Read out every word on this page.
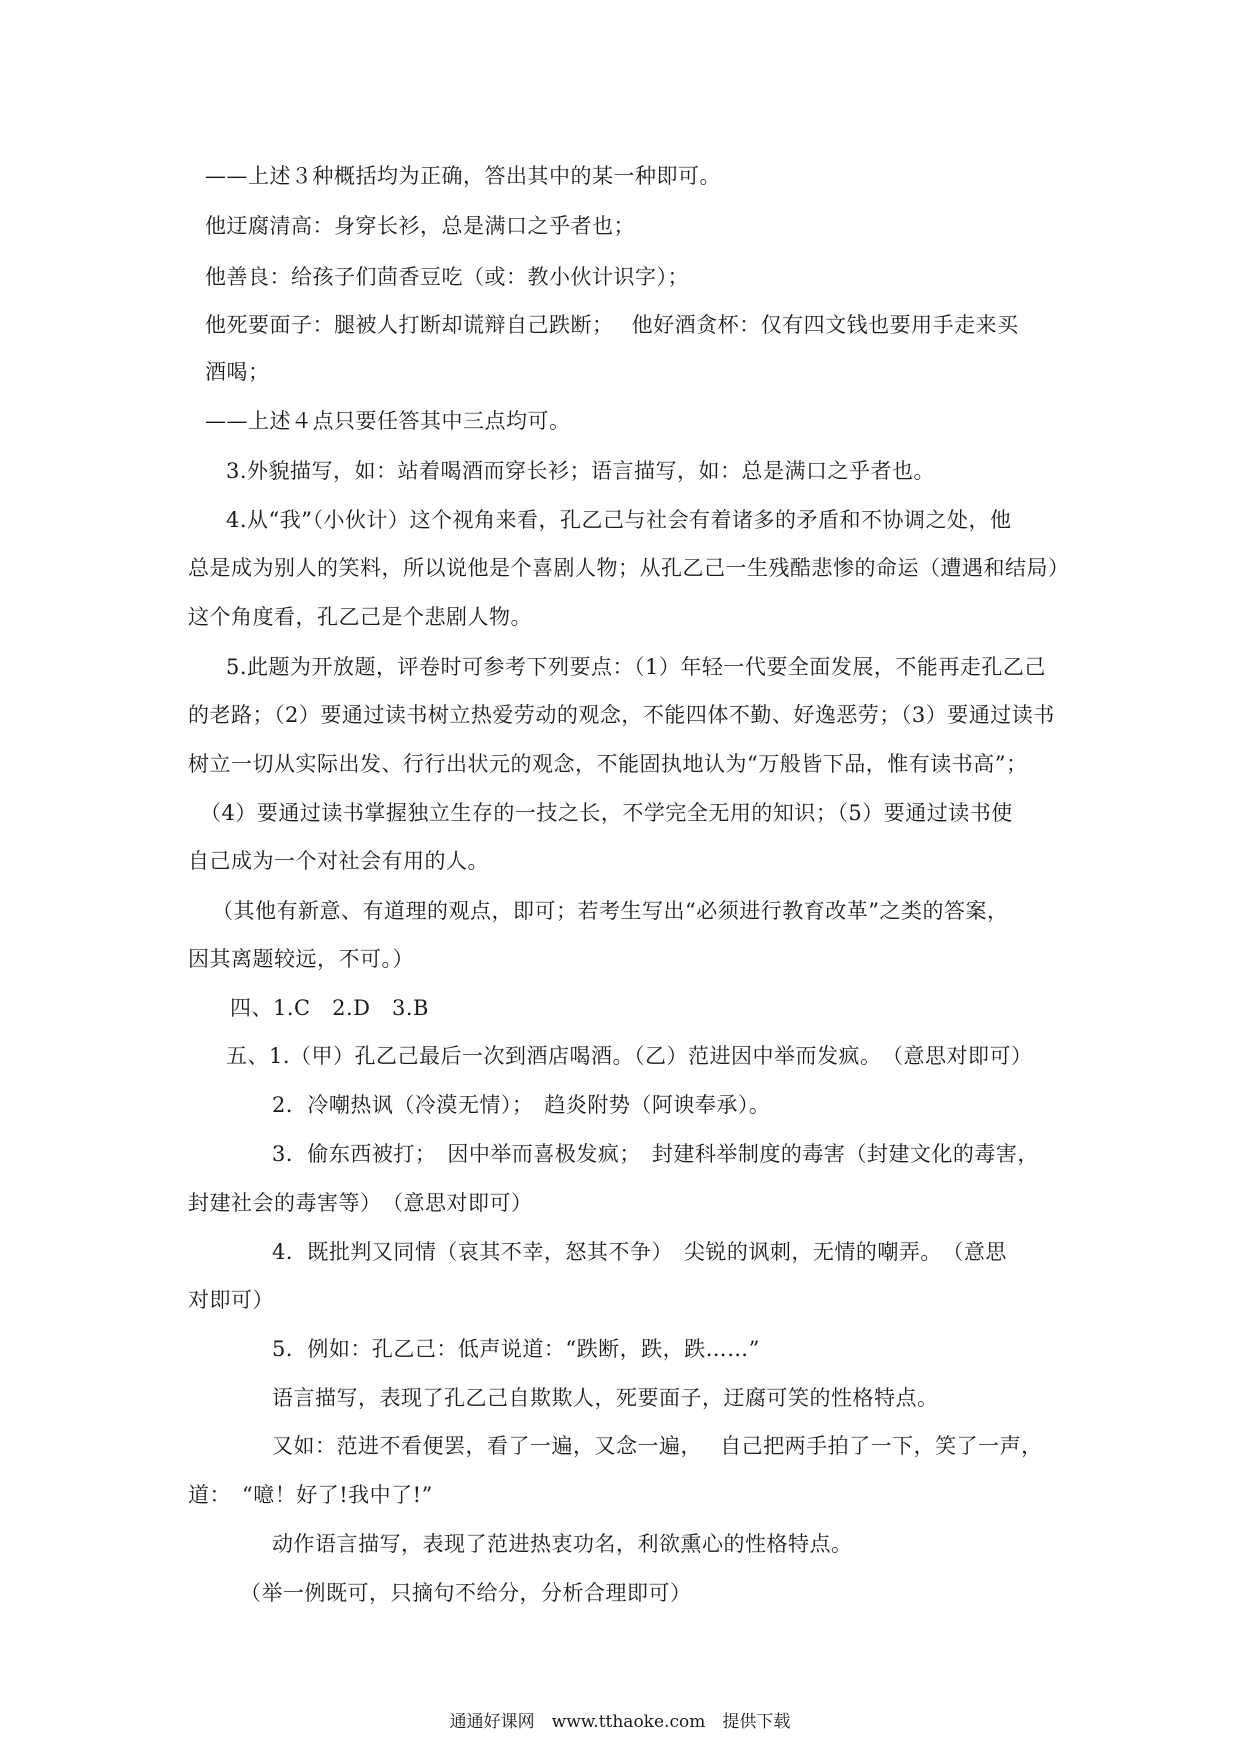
——上述３种概括均为正确，答出其中的某一种即可。
他迂腐清高：身穿长衫，总是满口之乎者也；
他善良：给孩子们茴香豆吃（或：教小伙计识字）；
他死要面子：腿被人打断却谎辩自己跌断；　 他好酒贪杯：仅有四文钱也要用手走来买
酒喝；
——上述４点只要任答其中三点均可。
3.外貌描写，如：站着喝酒而穿长衫；语言描写，如：总是满口之乎者也。
4.从“我”（小伙计）这个视角来看，孔乙己与社会有着诸多的矛盾和不协调之处，他
总是成为别人的笑料，所以说他是个喜剧人物；从孔乙己一生残酷悲惨的命运（遭遇和结局）
这个角度看，孔乙己是个悲剧人物。
5.此题为开放题，评卷时可参考下列要点：（1）年轻一代要全面发展，不能再走孔乙己
的老路；（2）要通过读书树立热爱劳动的观念，不能四体不勤、好逸恶劳；（3）要通过读书
树立一切从实际出发、行行出状元的观念，不能固执地认为“万般皆下品，惟有读书高”；
（4）要通过读书掌握独立生存的一技之长，不学完全无用的知识；（5）要通过读书使
自己成为一个对社会有用的人。
（其他有新意、有道理的观点，即可；若考生写出“必须进行教育改革”之类的答案，
因其离题较远，不可。）
四、1.C　2.D　3.B
五、1.（甲）孔乙己最后一次到酒店喝酒。（乙）范进因中举而发疯。　（意思对即可）
2．冷嘲热讽（冷漠无情）；　趋炎附势（阿谀奉承）。
3．偷东西被打；　因中举而喜极发疯；　封建科举制度的毒害（封建文化的毒害，
封建社会的毒害等）　（意思对即可）
4．既批判又同情（哀其不幸，怒其不争）　尖锐的讽刺，无情的嘲弄。　（意思
对即可）
5．例如：孔乙己：低声说道：“跌断，跌，跌……”
语言描写，表现了孔乙己自欺欺人，死要面子，迂腐可笑的性格特点。
又如：范进不看便罢，看了一遍，又念一遍，　 自己把两手拍了一下，笑了一声，
道：　“噫！好了!我中了!”
动作语言描写，表现了范进热衷功名，利欲熏心的性格特点。
（举一例既可，只摘句不给分，分析合理即可）
通通好课网　www.tthaoke.com　提供下载
